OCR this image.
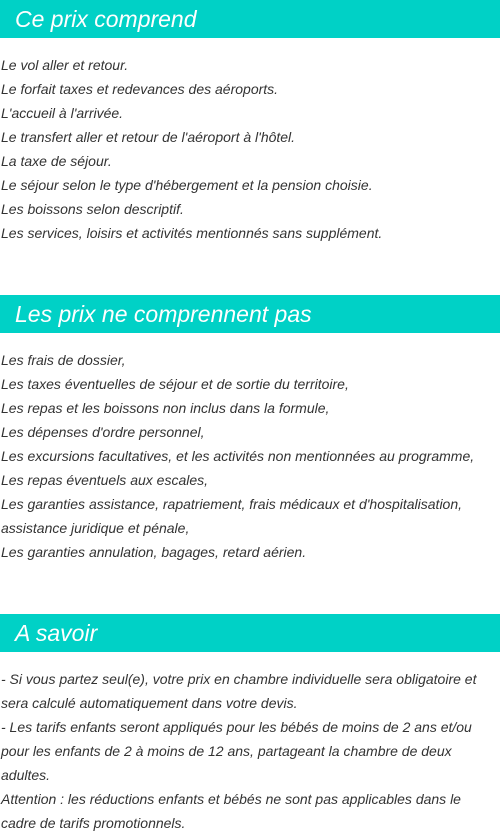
Ce prix comprend
Le vol aller et retour.
Le forfait taxes et redevances des aéroports.
L'accueil à l'arrivée.
Le transfert aller et retour de l'aéroport à l'hôtel.
La taxe de séjour.
Le séjour selon le type d'hébergement et la pension choisie.
Les boissons selon descriptif.
Les services, loisirs et activités mentionnés sans supplément.
Les prix ne comprennent pas
Les frais de dossier,
Les taxes éventuelles de séjour et de sortie du territoire,
Les repas et les boissons non inclus dans la formule,
Les dépenses d'ordre personnel,
Les excursions facultatives, et les activités non mentionnées au programme,
Les repas éventuels aux escales,
Les garanties assistance, rapatriement, frais médicaux et d'hospitalisation, assistance juridique et pénale,
Les garanties annulation, bagages, retard aérien.
A savoir
- Si vous partez seul(e), votre prix en chambre individuelle sera obligatoire et sera calculé automatiquement dans votre devis.
- Les tarifs enfants seront appliqués pour les bébés de moins de 2 ans et/ou pour les enfants de 2 à moins de 12 ans, partageant la chambre de deux adultes.
Attention : les réductions enfants et bébés ne sont pas applicables dans le cadre de tarifs promotionnels.
